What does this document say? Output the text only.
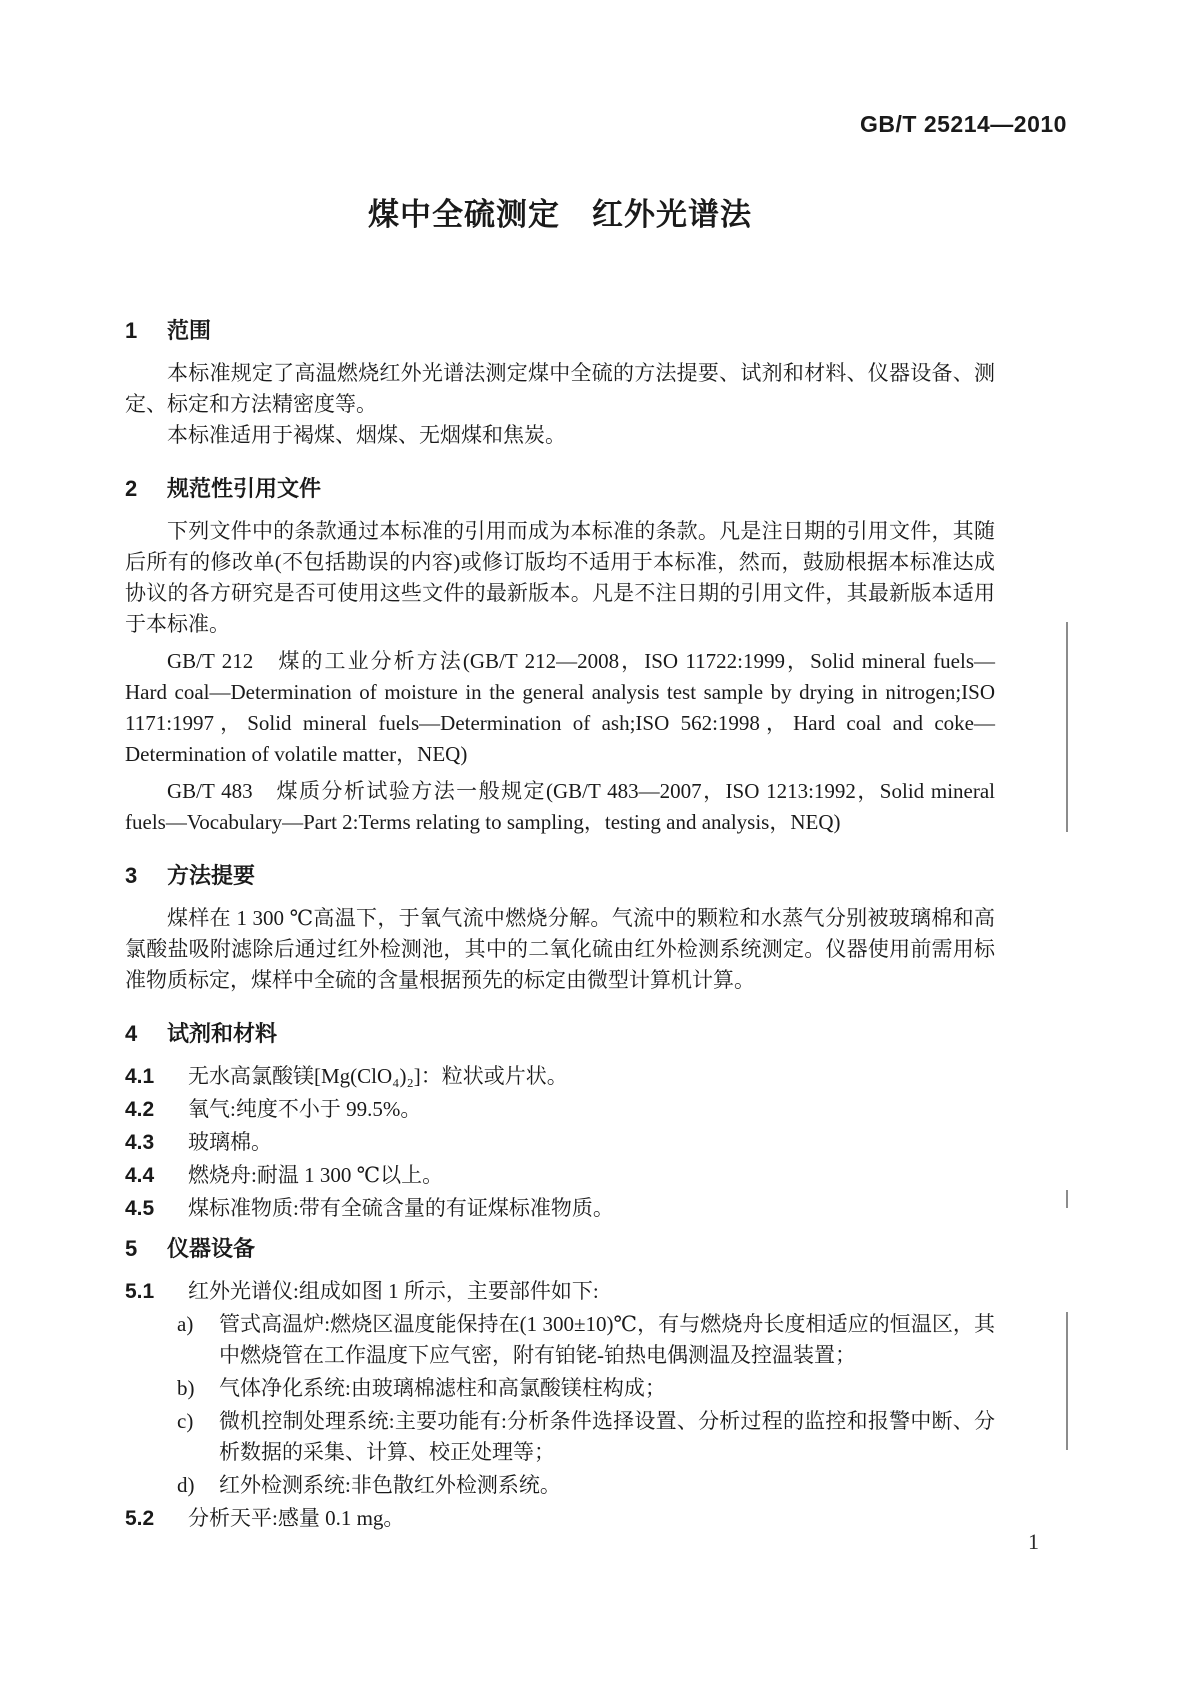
GB/T 25214—2010
煤中全硫测定　红外光谱法
1 范围

本标准规定了高温燃烧红外光谱法测定煤中全硫的方法提要、试剂和材料、仪器设备、测定、标定和方法精密度等。

本标准适用于褐煤、烟煤、无烟煤和焦炭。

2 规范性引用文件

下列文件中的条款通过本标准的引用而成为本标准的条款。凡是注日期的引用文件，其随后所有的修改单(不包括勘误的内容)或修订版均不适用于本标准，然而，鼓励根据本标准达成协议的各方研究是否可使用这些文件的最新版本。凡是不注日期的引用文件，其最新版本适用于本标准。

GB/T 212　煤的工业分析方法(GB/T 212—2008，ISO 11722:1999，Solid mineral fuels—Hard coal—Determination of moisture in the general analysis test sample by drying in nitrogen;ISO 1171:1997，Solid mineral fuels—Determination of ash;ISO 562:1998，Hard coal and coke—Determination of volatile matter，NEQ)

GB/T 483　煤质分析试验方法一般规定(GB/T 483—2007，ISO 1213:1992，Solid mineral fuels—Vocabulary—Part 2:Terms relating to sampling，testing and analysis，NEQ)

3 方法提要

煤样在 1 300 ℃高温下，于氧气流中燃烧分解。气流中的颗粒和水蒸气分别被玻璃棉和高氯酸盐吸附滤除后通过红外检测池，其中的二氧化硫由红外检测系统测定。仪器使用前需用标准物质标定，煤样中全硫的含量根据预先的标定由微型计算机计算。

4 试剂和材料

4.1 无水高氯酸镁[Mg(ClO₄)₂]：粒状或片状。

4.2 氧气:纯度不小于 99.5%。

4.3 玻璃棉。

4.4 燃烧舟:耐温 1 300 ℃以上。

4.5 煤标准物质:带有全硫含量的有证煤标准物质。

5 仪器设备

5.1 红外光谱仪:组成如图 1 所示，主要部件如下:

a) 管式高温炉:燃烧区温度能保持在(1 300±10)℃，有与燃烧舟长度相适应的恒温区，其中燃烧管在工作温度下应气密，附有铂铑-铂热电偶测温及控温装置；
b) 气体净化系统:由玻璃棉滤柱和高氯酸镁柱构成；
c) 微机控制处理系统:主要功能有:分析条件选择设置、分析过程的监控和报警中断、分析数据的采集、计算、校正处理等；
d) 红外检测系统:非色散红外检测系统。

5.2 分析天平:感量 0.1 mg。

1
